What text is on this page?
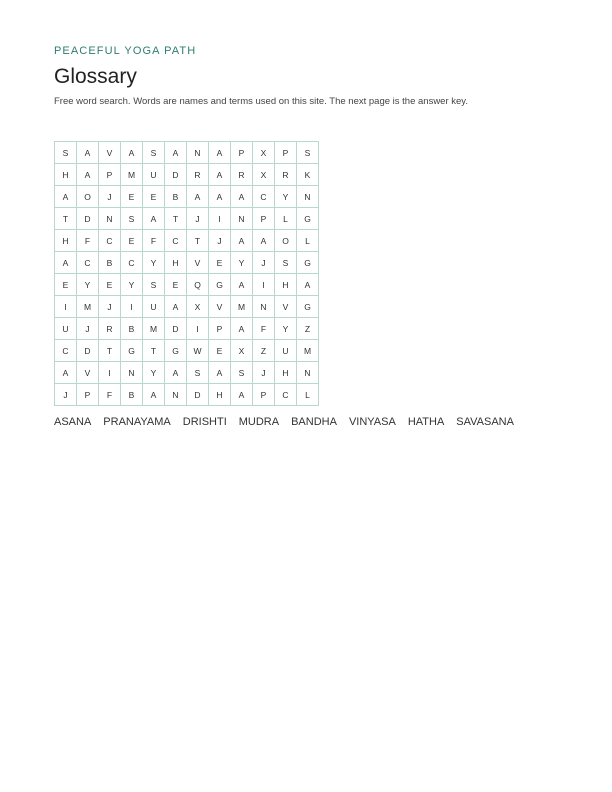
PEACEFUL YOGA PATH

Glossary

Free word search. Words are names and terms used on this site. The next page is the answer key.

S	A	V	A	S	A	N	A	P	X	P	S
H	A	P	M	U	D	R	A	R	X	R	K
A	O	J	E	E	B	A	A	A	C	Y	N
T	D	N	S	A	T	J	I	N	P	L	G
H	F	C	E	F	C	T	J	A	A	O	L
A	C	B	C	Y	H	V	E	Y	J	S	G
E	Y	E	Y	S	E	Q	G	A	I	H	A
I	M	J	I	U	A	X	V	M	N	V	G
U	J	R	B	M	D	I	P	A	F	Y	Z
C	D	T	G	T	G	W	E	X	Z	U	M
A	V	I	N	Y	A	S	A	S	J	H	N
J	P	F	B	A	N	D	H	A	P	C	L
ASANA PRANAYAMA DRISHTI MUDRA BANDHA VINYASA HATHA SAVASANA
